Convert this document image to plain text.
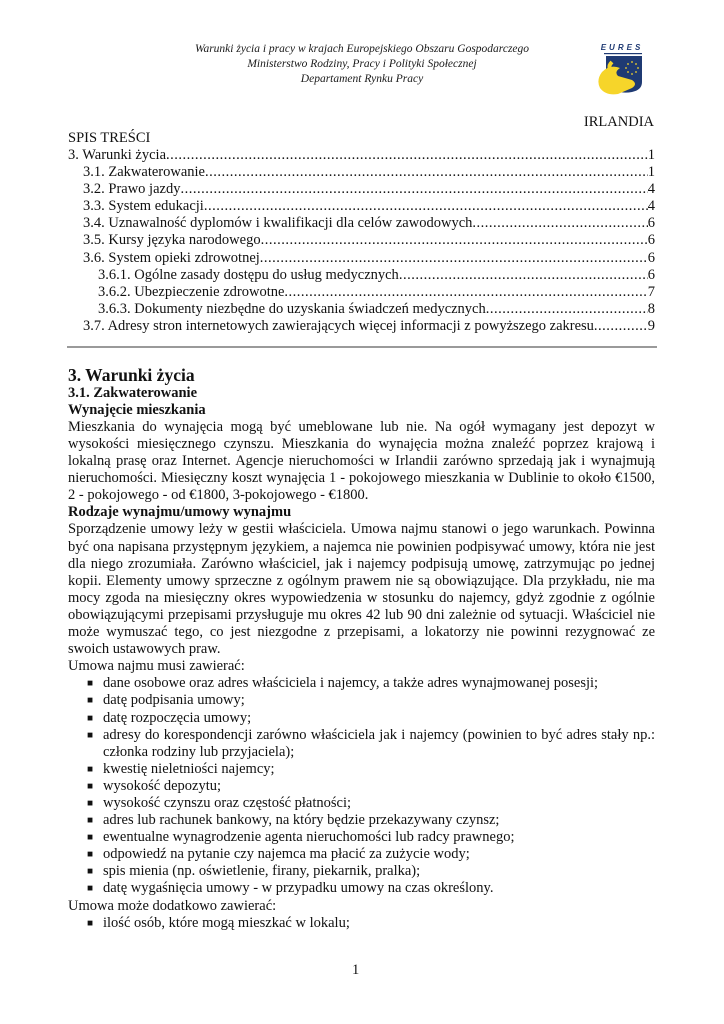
Warunki życia i pracy w krajach Europejskiego Obszaru Gospodarczego
Ministerstwo Rodziny, Pracy i Polityki Społecznej
Departament Rynku Pracy
EURES
IRLANDIA
SPIS TREŚCI
3. Warunki życia .....	1
3.1. Zakwaterowanie .....	1
3.2. Prawo jazdy .....	4
3.3. System edukacji .....	4
3.4. Uznawalność dyplomów i kwalifikacji dla celów zawodowych .....	6
3.5. Kursy języka narodowego .....	6
3.6. System opieki zdrowotnej .....	6
3.6.1. Ogólne zasady dostępu do usług medycznych .....	6
3.6.2. Ubezpieczenie zdrowotne .....	7
3.6.3. Dokumenty niezbędne do uzyskania świadczeń medycznych .....	8
3.7. Adresy stron internetowych zawierających więcej informacji z powyższego zakresu .....	9
3. Warunki życia
3.1. Zakwaterowanie
Wynajęcie mieszkania

Mieszkania do wynajęcia mogą być umeblowane lub nie. Na ogół wymagany jest depozyt w wysokości miesięcznego czynszu. Mieszkania do wynajęcia można znaleźć poprzez krajową i lokalną prasę oraz Internet. Agencje nieruchomości w Irlandii zarówno sprzedają jak i wynajmują nieruchomości. Miesięczny koszt wynajęcia 1 - pokojowego mieszkania w Dublinie to około €1500, 2 - pokojowego - od €1800, 3-pokojowego - €1800.

Rodzaje wynajmu/umowy wynajmu

Sporządzenie umowy leży w gestii właściciela. Umowa najmu stanowi o jego warunkach. Powinna być ona napisana przystępnym językiem, a najemca nie powinien podpisywać umowy, która nie jest dla niego zrozumiała. Zarówno właściciel, jak i najemcy podpisują umowę, zatrzymując po jednej kopii. Elementy umowy sprzeczne z ogólnym prawem nie są obowiązujące. Dla przykładu, nie ma mocy zgoda na miesięczny okres wypowiedzenia w stosunku do najemcy, gdyż zgodnie z ogólnie obowiązującymi przepisami przysługuje mu okres 42 lub 90 dni zależnie od sytuacji. Właściciel nie może wymuszać tego, co jest niezgodne z przepisami, a lokatorzy nie powinni rezygnować ze swoich ustawowych praw.

Umowa najmu musi zawierać:
■ dane osobowe oraz adres właściciela i najemcy, a także adres wynajmowanej posesji;
■ datę podpisania umowy;
■ datę rozpoczęcia umowy;
■ adresy do korespondencji zarówno właściciela jak i najemcy (powinien to być adres stały np.: członka rodziny lub przyjaciela);
■ kwestię nieletniości najemcy;
■ wysokość depozytu;
■ wysokość czynszu oraz częstość płatności;
■ adres lub rachunek bankowy, na który będzie przekazywany czynsz;
■ ewentualne wynagrodzenie agenta nieruchomości lub radcy prawnego;
■ odpowiedź na pytanie czy najemca ma płacić za zużycie wody;
■ spis mienia (np. oświetlenie, firany, piekarnik, pralka);
■ datę wygaśnięcia umowy - w przypadku umowy na czas określony.
Umowa może dodatkowo zawierać:
■ ilość osób, które mogą mieszkać w lokalu;
1
